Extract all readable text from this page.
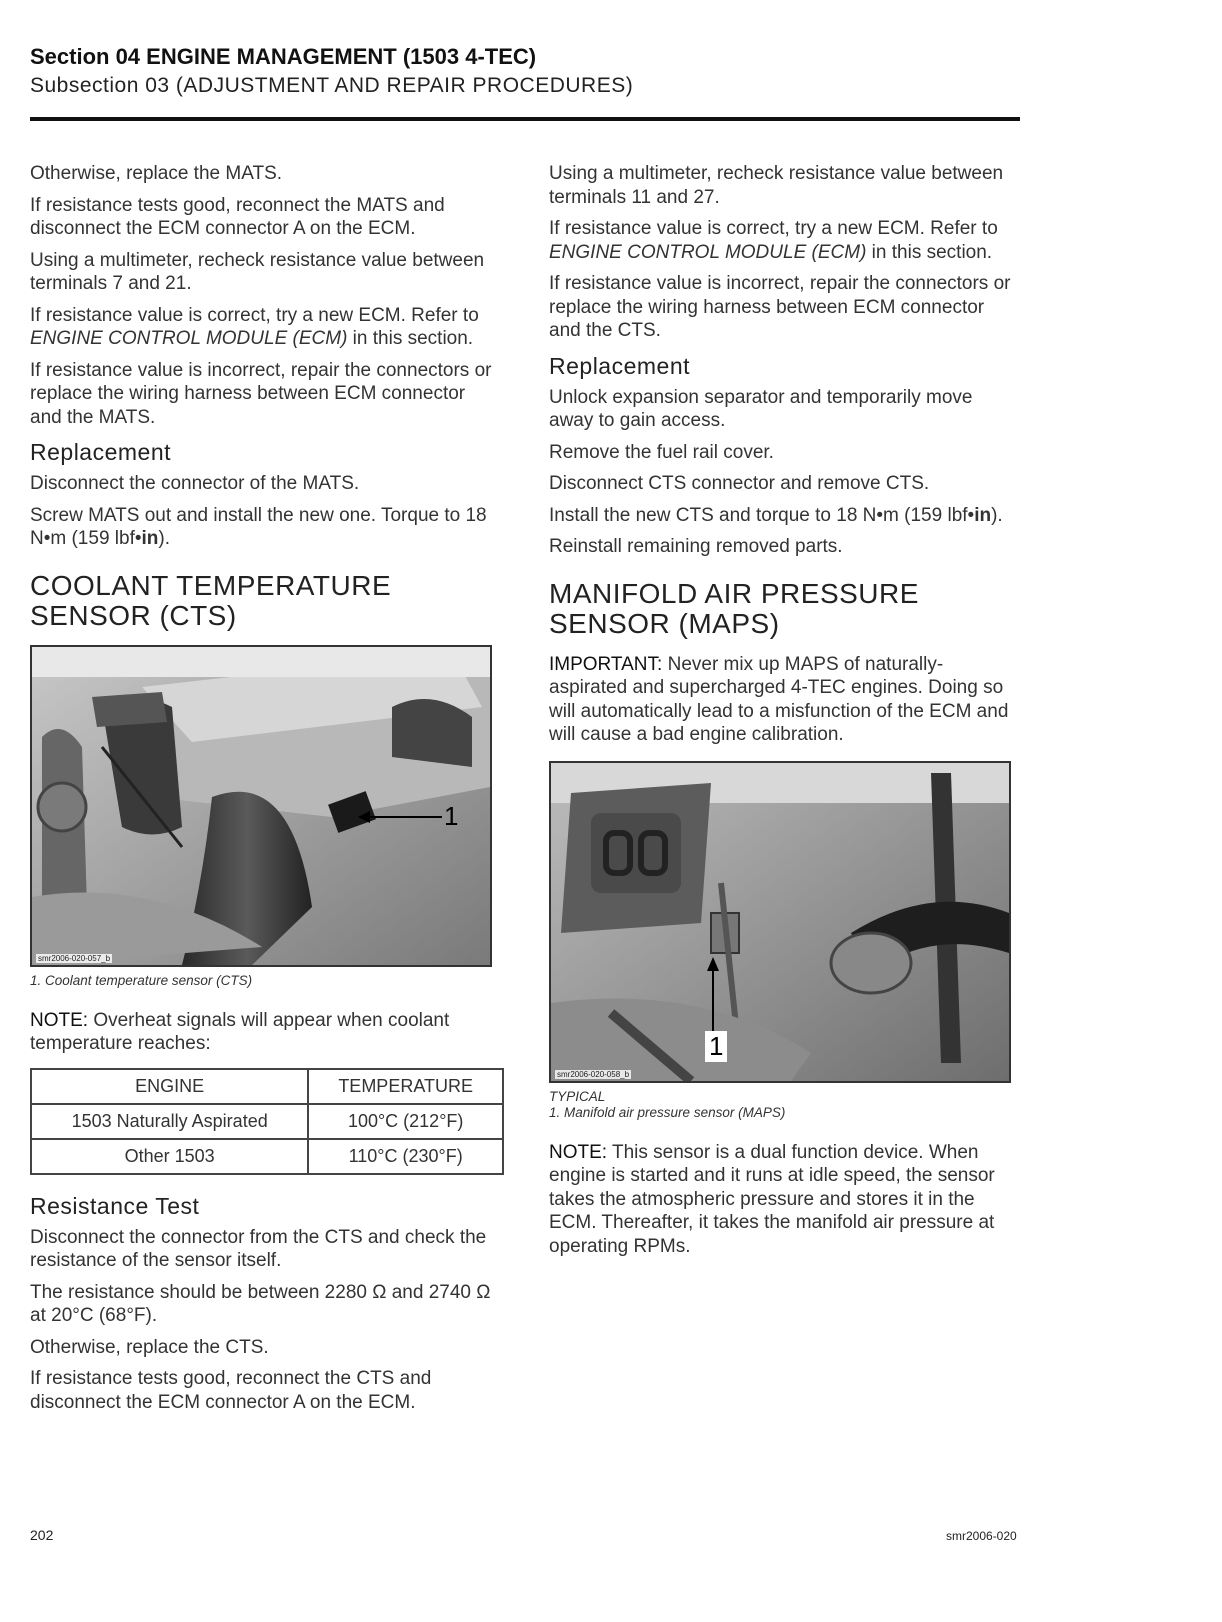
Section 04 ENGINE MANAGEMENT (1503 4-TEC)
Subsection 03 (ADJUSTMENT AND REPAIR PROCEDURES)

Otherwise, replace the MATS.

If resistance tests good, reconnect the MATS and disconnect the ECM connector A on the ECM.

Using a multimeter, recheck resistance value between terminals 7 and 21.

If resistance value is correct, try a new ECM. Refer to ENGINE CONTROL MODULE (ECM) in this section.

If resistance value is incorrect, repair the connectors or replace the wiring harness between ECM connector and the MATS.

Replacement

Disconnect the connector of the MATS.

Screw MATS out and install the new one. Torque to 18 N•m (159 lbf•in).

COOLANT TEMPERATURE
SENSOR (CTS)
1
smr2006-020-057_b
1. Coolant temperature sensor (CTS)

NOTE: Overheat signals will appear when coolant temperature reaches:

ENGINE	TEMPERATURE
1503 Naturally Aspirated	100°C (212°F)
Other 1503	110°C (230°F)
Resistance Test

Disconnect the connector from the CTS and check the resistance of the sensor itself.

The resistance should be between 2280 Ω and 2740 Ω at 20°C (68°F).

Otherwise, replace the CTS.

If resistance tests good, reconnect the CTS and disconnect the ECM connector A on the ECM.

Using a multimeter, recheck resistance value between terminals 11 and 27.

If resistance value is correct, try a new ECM. Refer to ENGINE CONTROL MODULE (ECM) in this section.

If resistance value is incorrect, repair the connectors or replace the wiring harness between ECM connector and the CTS.

Replacement

Unlock expansion separator and temporarily move away to gain access.

Remove the fuel rail cover.

Disconnect CTS connector and remove CTS.

Install the new CTS and torque to 18 N•m (159 lbf•in).

Reinstall remaining removed parts.

MANIFOLD AIR PRESSURE
SENSOR (MAPS)

IMPORTANT: Never mix up MAPS of naturally-aspirated and supercharged 4-TEC engines. Doing so will automatically lead to a misfunction of the ECM and will cause a bad engine calibration.

1
smr2006-020-058_b
TYPICAL
1. Manifold air pressure sensor (MAPS)

NOTE: This sensor is a dual function device. When engine is started and it runs at idle speed, the sensor takes the atmospheric pressure and stores it in the ECM. Thereafter, it takes the manifold air pressure at operating RPMs.

202	smr2006-020
